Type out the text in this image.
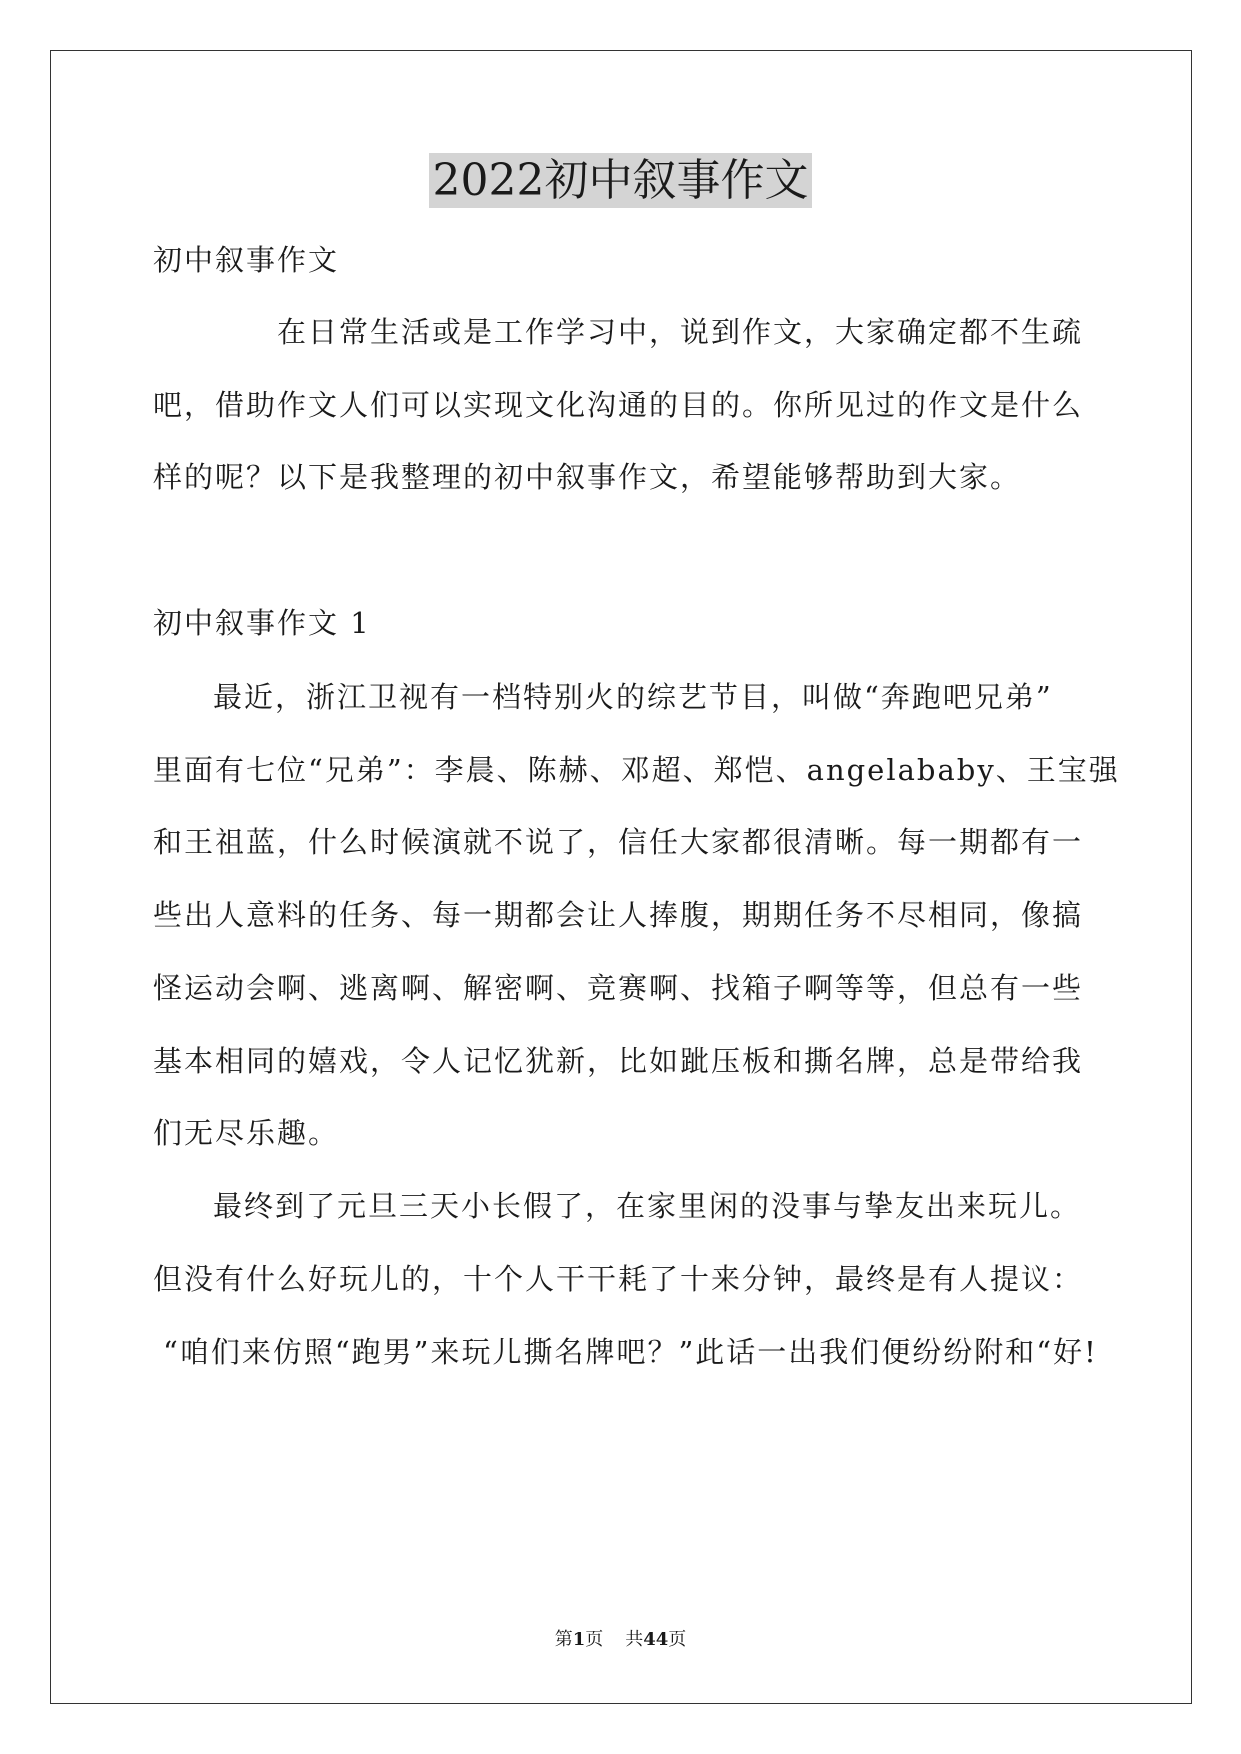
2022初中叙事作文
初中叙事作文
在日常生活或是工作学习中，说到作文，大家确定都不生疏
吧，借助作文人们可以实现文化沟通的目的。你所见过的作文是什么
样的呢？以下是我整理的初中叙事作文，希望能够帮助到大家。
初中叙事作文 1
最近，浙江卫视有一档特别火的综艺节目，叫做“奔跑吧兄弟”
里面有七位“兄弟”：李晨、陈赫、邓超、郑恺、angelababy、王宝强
和王祖蓝，什么时候演就不说了，信任大家都很清晰。每一期都有一
些出人意料的任务、每一期都会让人捧腹，期期任务不尽相同，像搞
怪运动会啊、逃离啊、解密啊、竞赛啊、找箱子啊等等，但总有一些
基本相同的嬉戏，令人记忆犹新，比如跐压板和撕名牌，总是带给我
们无尽乐趣。
最终到了元旦三天小长假了，在家里闲的没事与挚友出来玩儿。
但没有什么好玩儿的，十个人干干耗了十来分钟，最终是有人提议：
“咱们来仿照“跑男”来玩儿撕名牌吧？”此话一出我们便纷纷附和“好!
第1页 共44页
